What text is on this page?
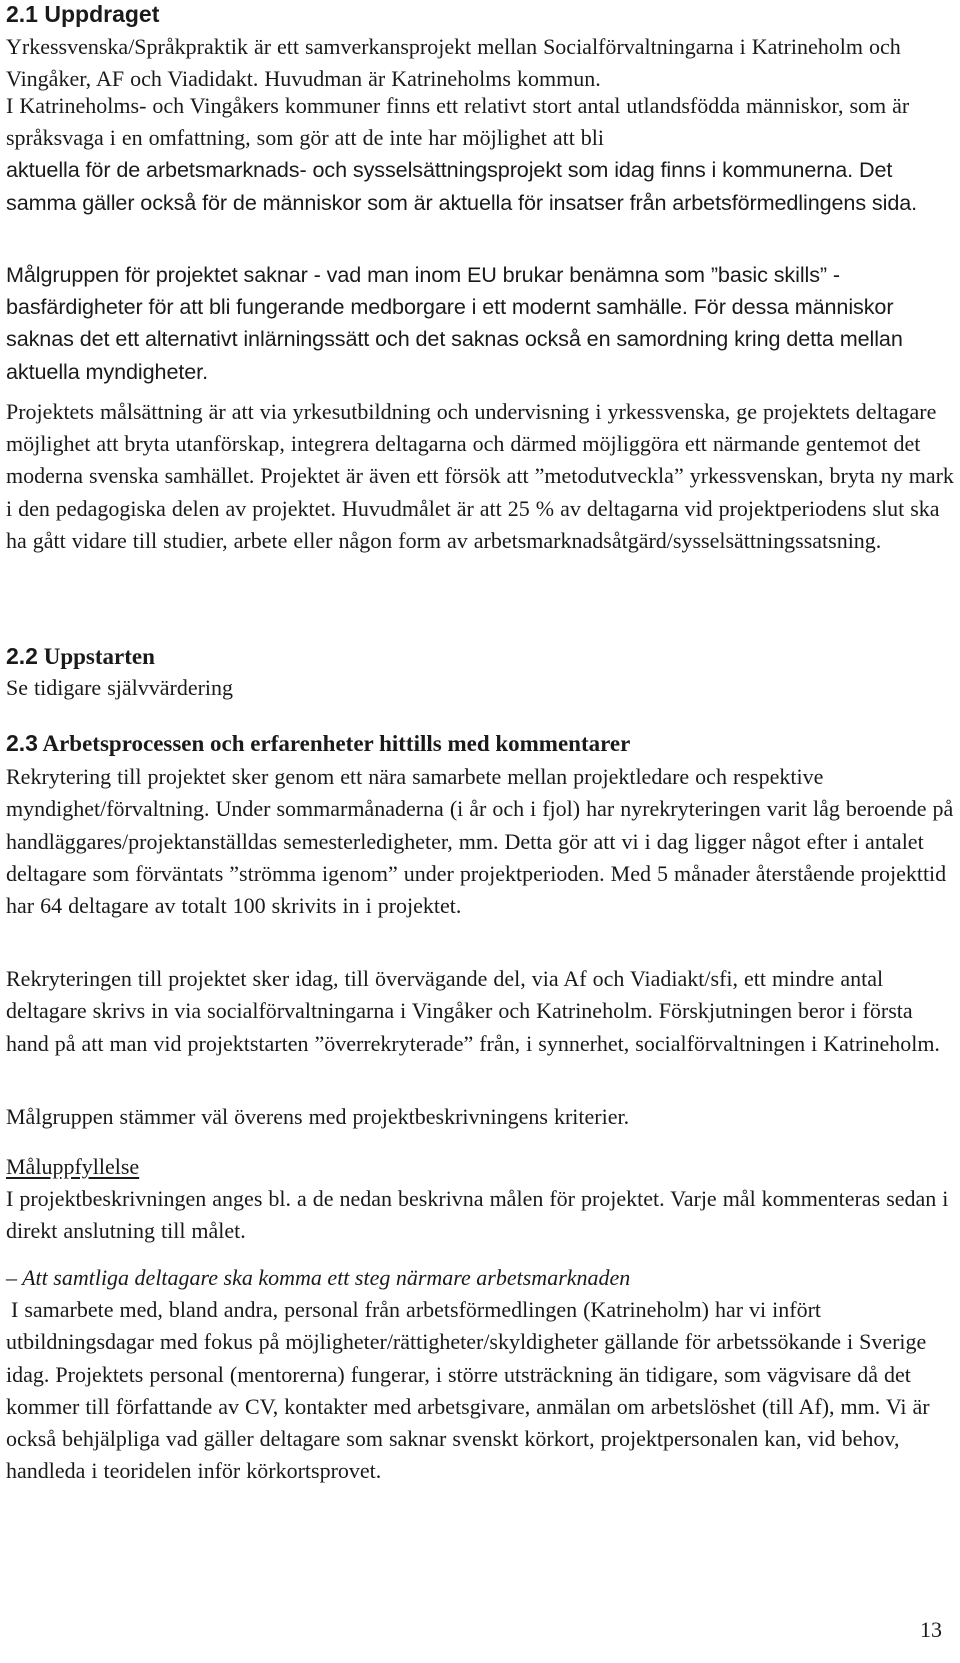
2.1 Uppdraget
Yrkessvenska/Språkpraktik är ett samverkansprojekt mellan Socialförvaltningarna i Katrineholm och Vingåker, AF och Viadidakt. Huvudman är Katrineholms kommun.
I Katrineholms- och Vingåkers kommuner finns ett relativt stort antal utlandsfödda människor, som är språksvaga i en omfattning, som gör att de inte har möjlighet att bli
aktuella för de arbetsmarknads- och sysselsättningsprojekt som idag finns i kommunerna. Det samma gäller också för de människor som är aktuella för insatser från arbetsförmedlingens sida.
Målgruppen för projektet saknar - vad man inom EU brukar benämna som ”basic skills” - basfärdigheter för att bli fungerande medborgare i ett modernt samhälle. För dessa människor saknas det ett alternativt inlärningssätt och det saknas också en samordning kring detta mellan aktuella myndigheter.
Projektets målsättning är att via yrkesutbildning och undervisning i yrkessvenska, ge projektets deltagare möjlighet att bryta utanförskap, integrera deltagarna och därmed möjliggöra ett närmande gentemot det moderna svenska samhället. Projektet är även ett försök att ”metodutveckla” yrkessvenskan, bryta ny mark i den pedagogiska delen av projektet. Huvudmålet är att 25 % av deltagarna vid projektperiodens slut ska ha gått vidare till studier, arbete eller någon form av arbetsmarknadsåtgärd/sysselsättningssatsning.
2.2 Uppstarten
Se tidigare självvärdering
2.3 Arbetsprocessen och erfarenheter hittills med kommentarer
Rekrytering till projektet sker genom ett nära samarbete mellan projektledare och respektive myndighet/förvaltning. Under sommarmånaderna (i år och i fjol) har nyrekryteringen varit låg beroende på handläggares/projektanställdas semesterledigheter, mm. Detta gör att vi i dag ligger något efter i antalet deltagare som förväntats ”strömma igenom” under projektperioden. Med 5 månader återstående projekttid har 64 deltagare av totalt 100 skrivits in i projektet.
Rekryteringen till projektet sker idag, till övervägande del, via Af och Viadiakt/sfi, ett mindre antal deltagare skrivs in via socialförvaltningarna i Vingåker och Katrineholm. Förskjutningen beror i första hand på att man vid projektstarten ”överrekryterade” från, i synnerhet, socialförvaltningen i Katrineholm.
Målgruppen stämmer väl överens med projektbeskrivningens kriterier.
Måluppfyllelse
I projektbeskrivningen anges bl. a de nedan beskrivna målen för projektet. Varje mål kommenteras sedan i direkt anslutning till målet.
– Att samtliga deltagare ska komma ett steg närmare arbetsmarknaden
I samarbete med, bland andra, personal från arbetsförmedlingen (Katrineholm) har vi infört utbildningsdagar med fokus på möjligheter/rättigheter/skyldigheter gällande för arbetssökande i Sverige idag. Projektets personal (mentorerna) fungerar, i större utsträckning än tidigare, som vägvisare då det kommer till författande av CV, kontakter med arbetsgivare, anmälan om arbetslöshet (till Af), mm. Vi är också behjälpliga vad gäller deltagare som saknar svenskt körkort, projektpersonalen kan, vid behov, handleda i teoridelen inför körkortsprovet.
13
